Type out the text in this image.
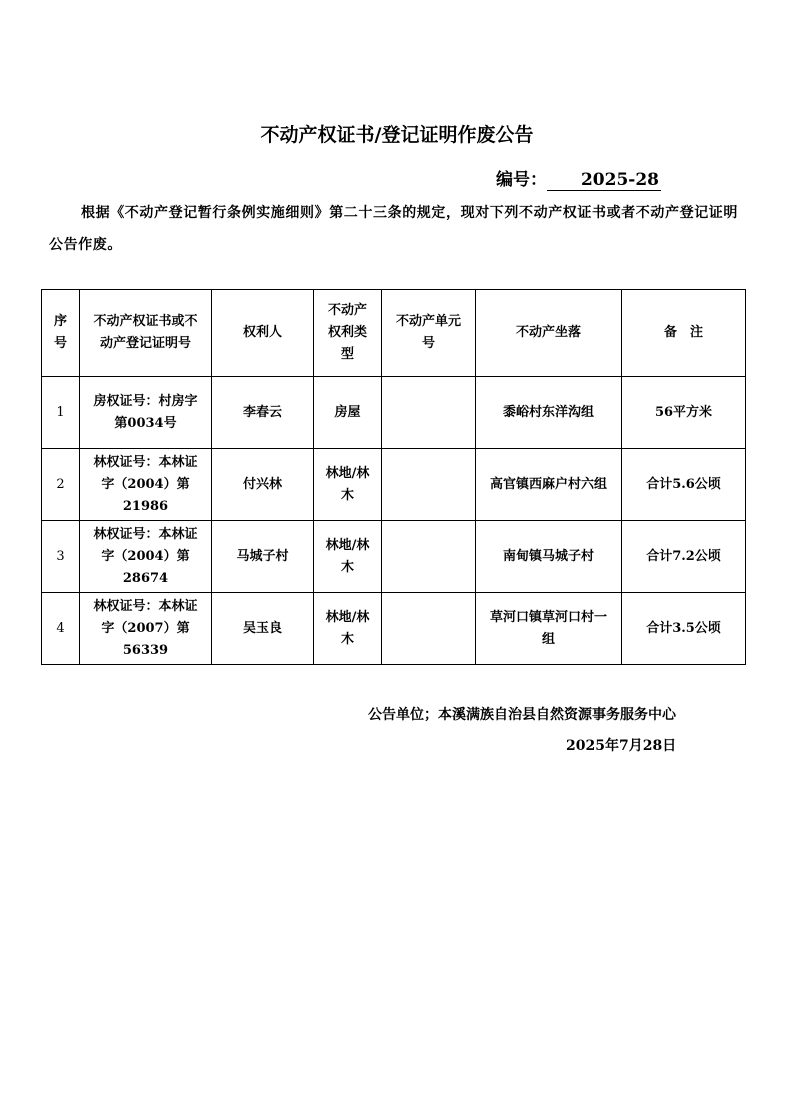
不动产权证书/登记证明作废公告
编号： 2025-28
根据《不动产登记暂行条例实施细则》第二十三条的规定，现对下列不动产权证书或者不动产登记证明公告作废。
序号	不动产权证书或不动产登记证明号	权利人	不动产权利类型	不动产单元号	不动产坐落	备　注
1	房权证号：村房字第0034号	李春云	房屋		黍峪村东洋沟组	56平方米
2	林权证号：本林证字（2004）第21986	付兴林	林地/林木		高官镇西麻户村六组	合计5.6公顷
3	林权证号：本林证字（2004）第28674	马城子村	林地/林木		南甸镇马城子村	合计7.2公顷
4	林权证号：本林证字（2007）第56339	吴玉良	林地/林木		草河口镇草河口村一组	合计3.5公顷
公告单位；本溪满族自治县自然资源事务服务中心
2025年7月28日
